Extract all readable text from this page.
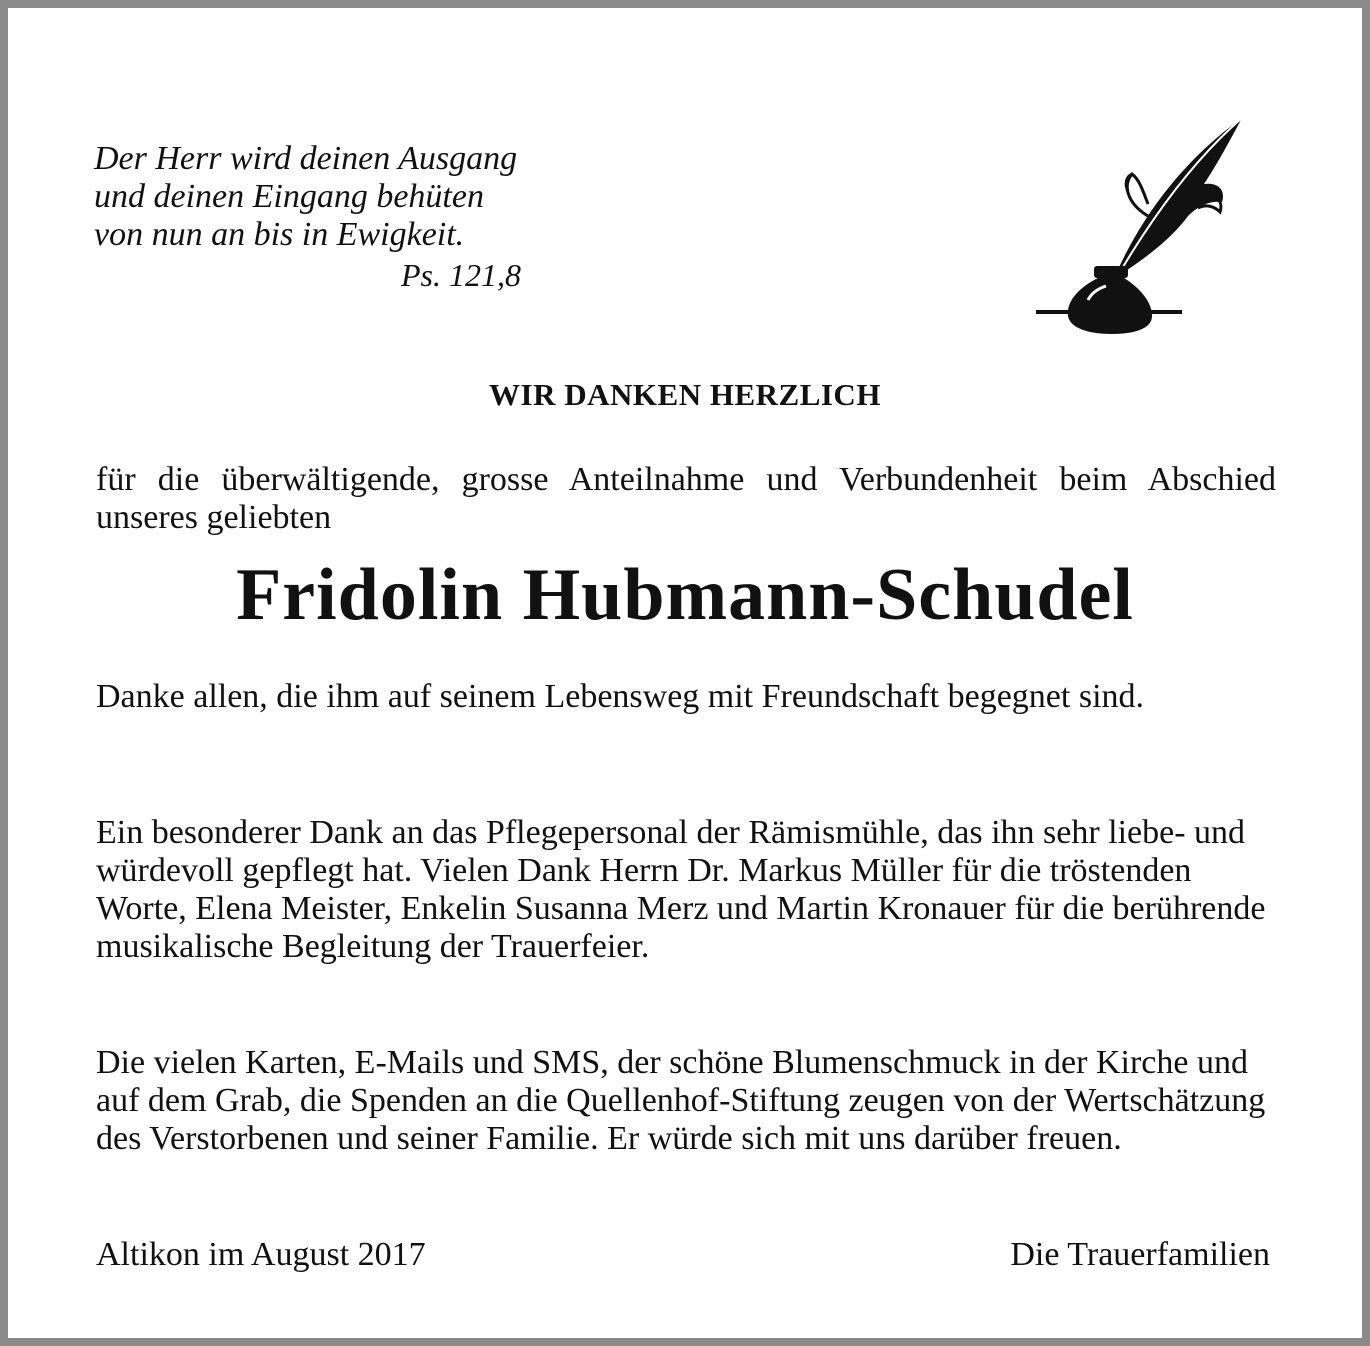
Der Herr wird deinen Ausgang
und deinen Eingang behüten
von nun an bis in Ewigkeit.
Ps. 121,8
WIR DANKEN HERZLICH
für die überwältigende, grosse Anteilnahme und Verbundenheit beim Abschied unseres geliebten
Fridolin Hubmann-Schudel
Danke allen, die ihm auf seinem Lebensweg mit Freundschaft begegnet sind.
Ein besonderer Dank an das Pflegepersonal der Rämismühle, das ihn sehr liebe- und würdevoll gepflegt hat. Vielen Dank Herrn Dr. Markus Müller für die tröstenden Worte, Elena Meister, Enkelin Susanna Merz und Martin Kronauer für die berührende musikalische Begleitung der Trauerfeier.
Die vielen Karten, E-Mails und SMS, der schöne Blumenschmuck in der Kirche und auf dem Grab, die Spenden an die Quellenhof-Stiftung zeugen von der Wertschätzung des Verstorbenen und seiner Familie. Er würde sich mit uns darüber freuen.
Altikon im August 2017	Die Trauerfamilien
